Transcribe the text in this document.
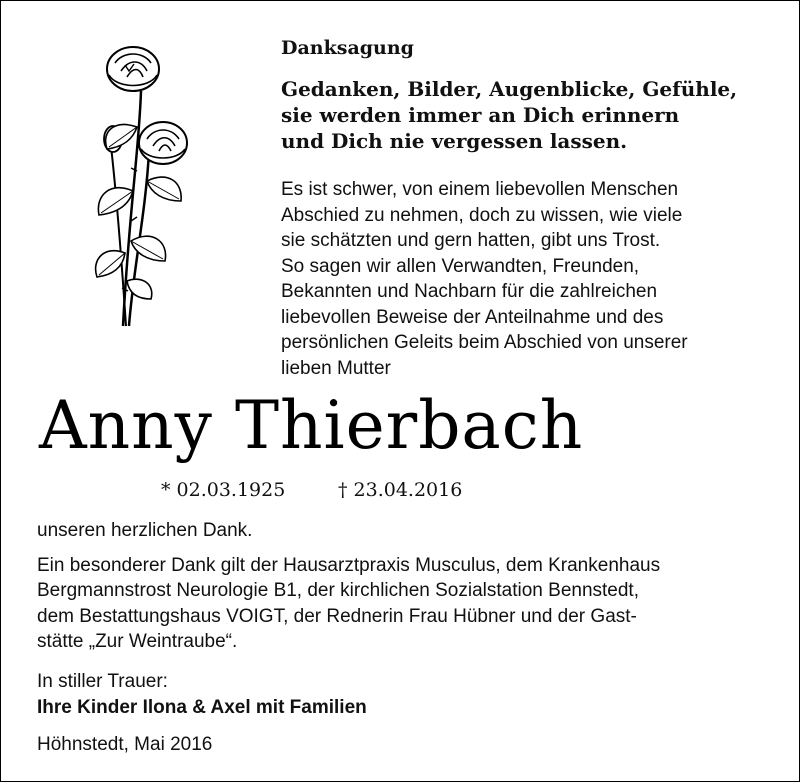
Danksagung
Gedanken, Bilder, Augenblicke, Gefühle,
sie werden immer an Dich erinnern
und Dich nie vergessen lassen.
Es ist schwer, von einem liebevollen Menschen
Abschied zu nehmen, doch zu wissen, wie viele
sie schätzten und gern hatten, gibt uns Trost.
So sagen wir allen Verwandten, Freunden,
Bekannten und Nachbarn für die zahlreichen
liebevollen Beweise der Anteilnahme und des
persönlichen Geleits beim Abschied von unserer
lieben Mutter
Anny Thierbach
* 02.03.1925	† 23.04.2016
unseren herzlichen Dank.
Ein besonderer Dank gilt der Hausarztpraxis Musculus, dem Krankenhaus
Bergmannstrost Neurologie B1, der kirchlichen Sozialstation Bennstedt,
dem Bestattungshaus VOIGT, der Rednerin Frau Hübner und der Gast-
stätte „Zur Weintraube“.
In stiller Trauer:
Ihre Kinder Ilona & Axel mit Familien
Höhnstedt, Mai 2016
